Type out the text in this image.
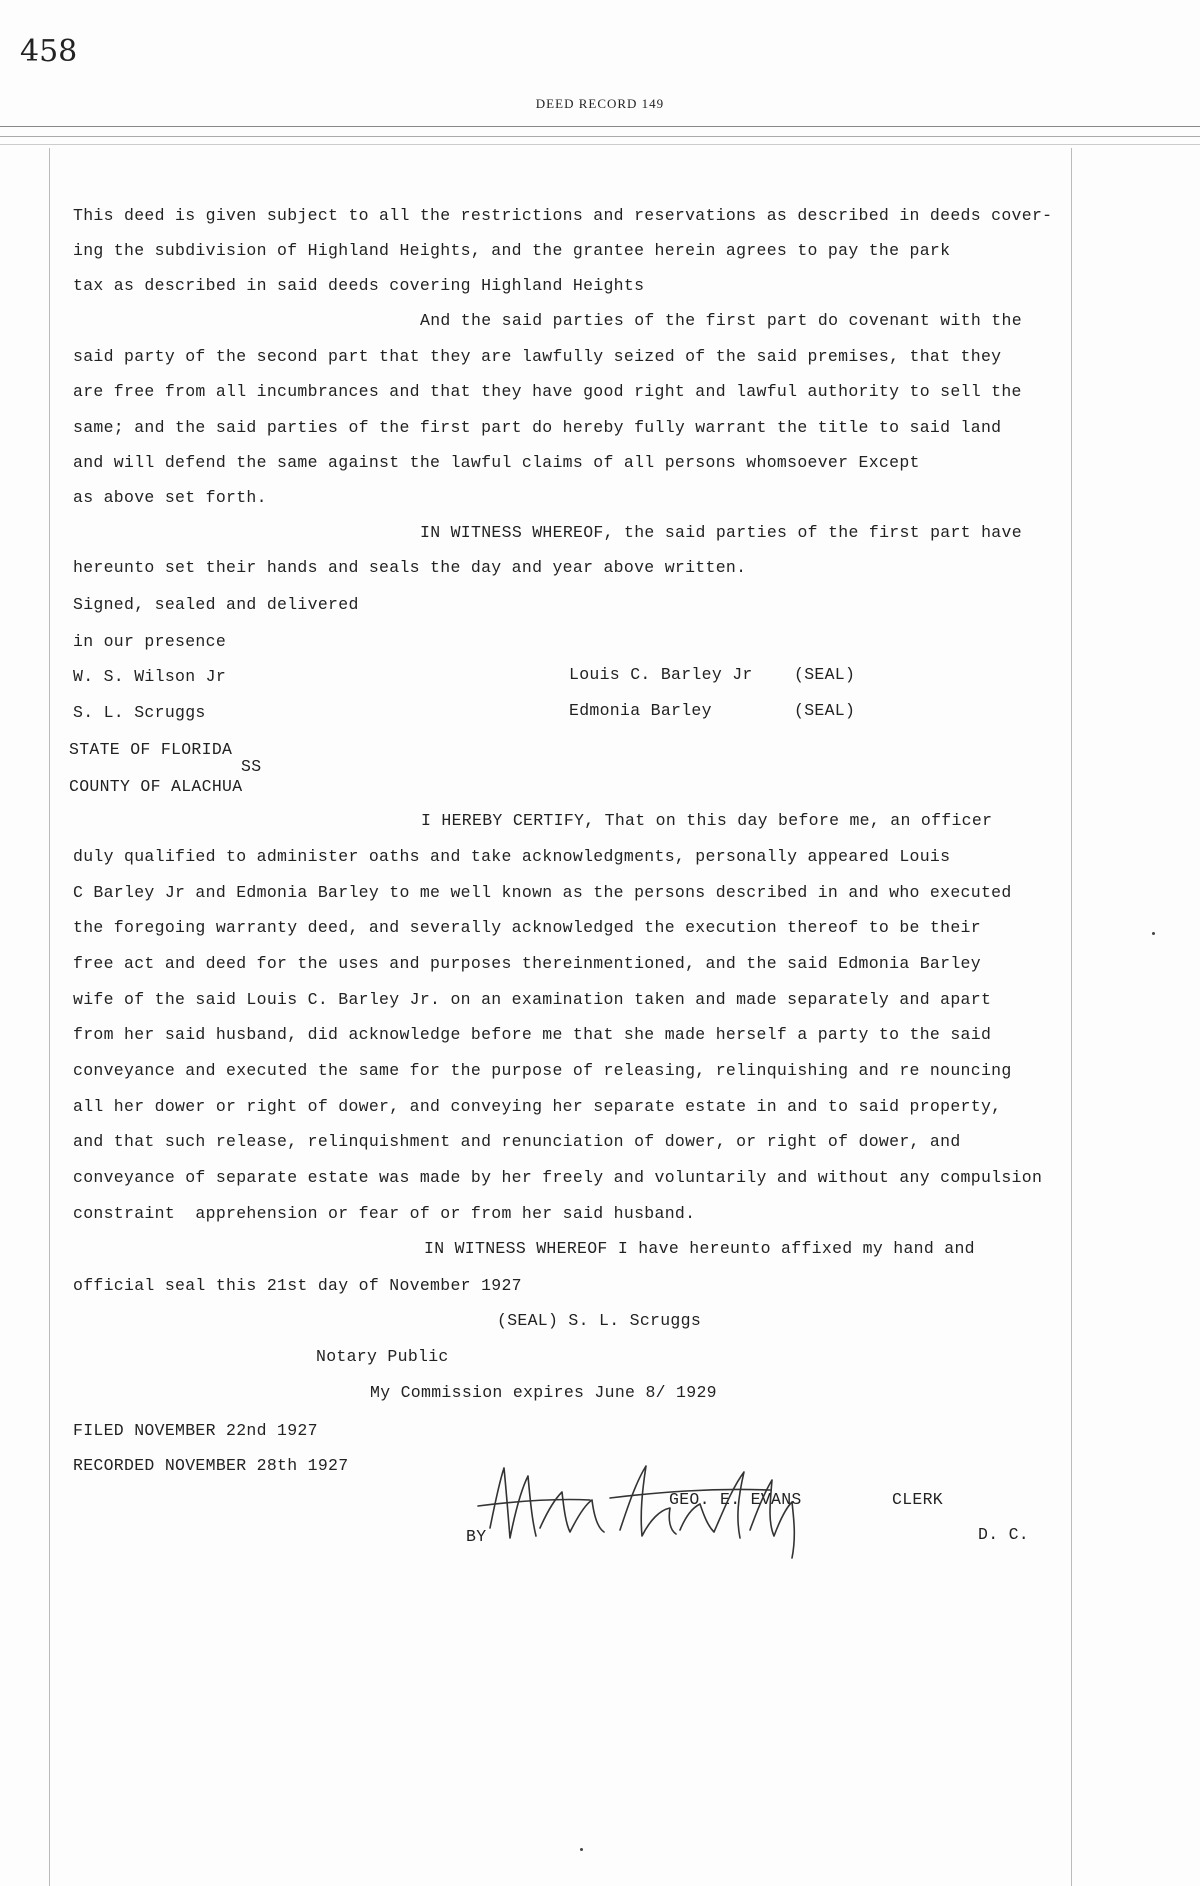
458
DEED RECORD 149
This deed is given subject to all the restrictions and reservations as described in deeds cover-
ing the subdivision of Highland Heights, and the grantee herein agrees to pay the park
tax as described in said deeds covering Highland Heights
And the said parties of the first part do covenant with the
said party of the second part that they are lawfully seized of the said premises, that they
are free from all incumbrances and that they have good right and lawful authority to sell the
same; and the said parties of the first part do hereby fully warrant the title to said land
and will defend the same against the lawful claims of all persons whomsoever Except
as above set forth.
IN WITNESS WHEREOF, the said parties of the first part have
hereunto set their hands and seals the day and year above written.
Signed, sealed and delivered
in our presence
W. S. Wilson Jr
S. L. Scruggs
Louis C. Barley Jr	(SEAL)
Edmonia Barley	(SEAL)
STATE OF FLORIDA
SS
COUNTY OF ALACHUA
I HEREBY CERTIFY, That on this day before me, an officer
duly qualified to administer oaths and take acknowledgments, personally appeared Louis
C Barley Jr and Edmonia Barley to me well known as the persons described in and who executed
the foregoing warranty deed, and severally acknowledged the execution thereof to be their
free act and deed for the uses and purposes thereinmentioned, and the said Edmonia Barley
wife of the said Louis C. Barley Jr. on an examination taken and made separately and apart
from her said husband, did acknowledge before me that she made herself a party to the said
conveyance and executed the same for the purpose of releasing, relinquishing and re nouncing
all her dower or right of dower, and conveying her separate estate in and to said property,
and that such release, relinquishment and renunciation of dower, or right of dower, and
conveyance of separate estate was made by her freely and voluntarily and without any compulsion
constraint  apprehension or fear of or from her said husband.
IN WITNESS WHEREOF I have hereunto affixed my hand and
official seal this 21st day of November 1927
(SEAL) S. L. Scruggs
Notary Public
My Commission expires June 8/ 1929
FILED NOVEMBER 22nd 1927
RECORDED NOVEMBER 28th 1927
GEO. E. EVANS	CLERK
BY	D. C.
